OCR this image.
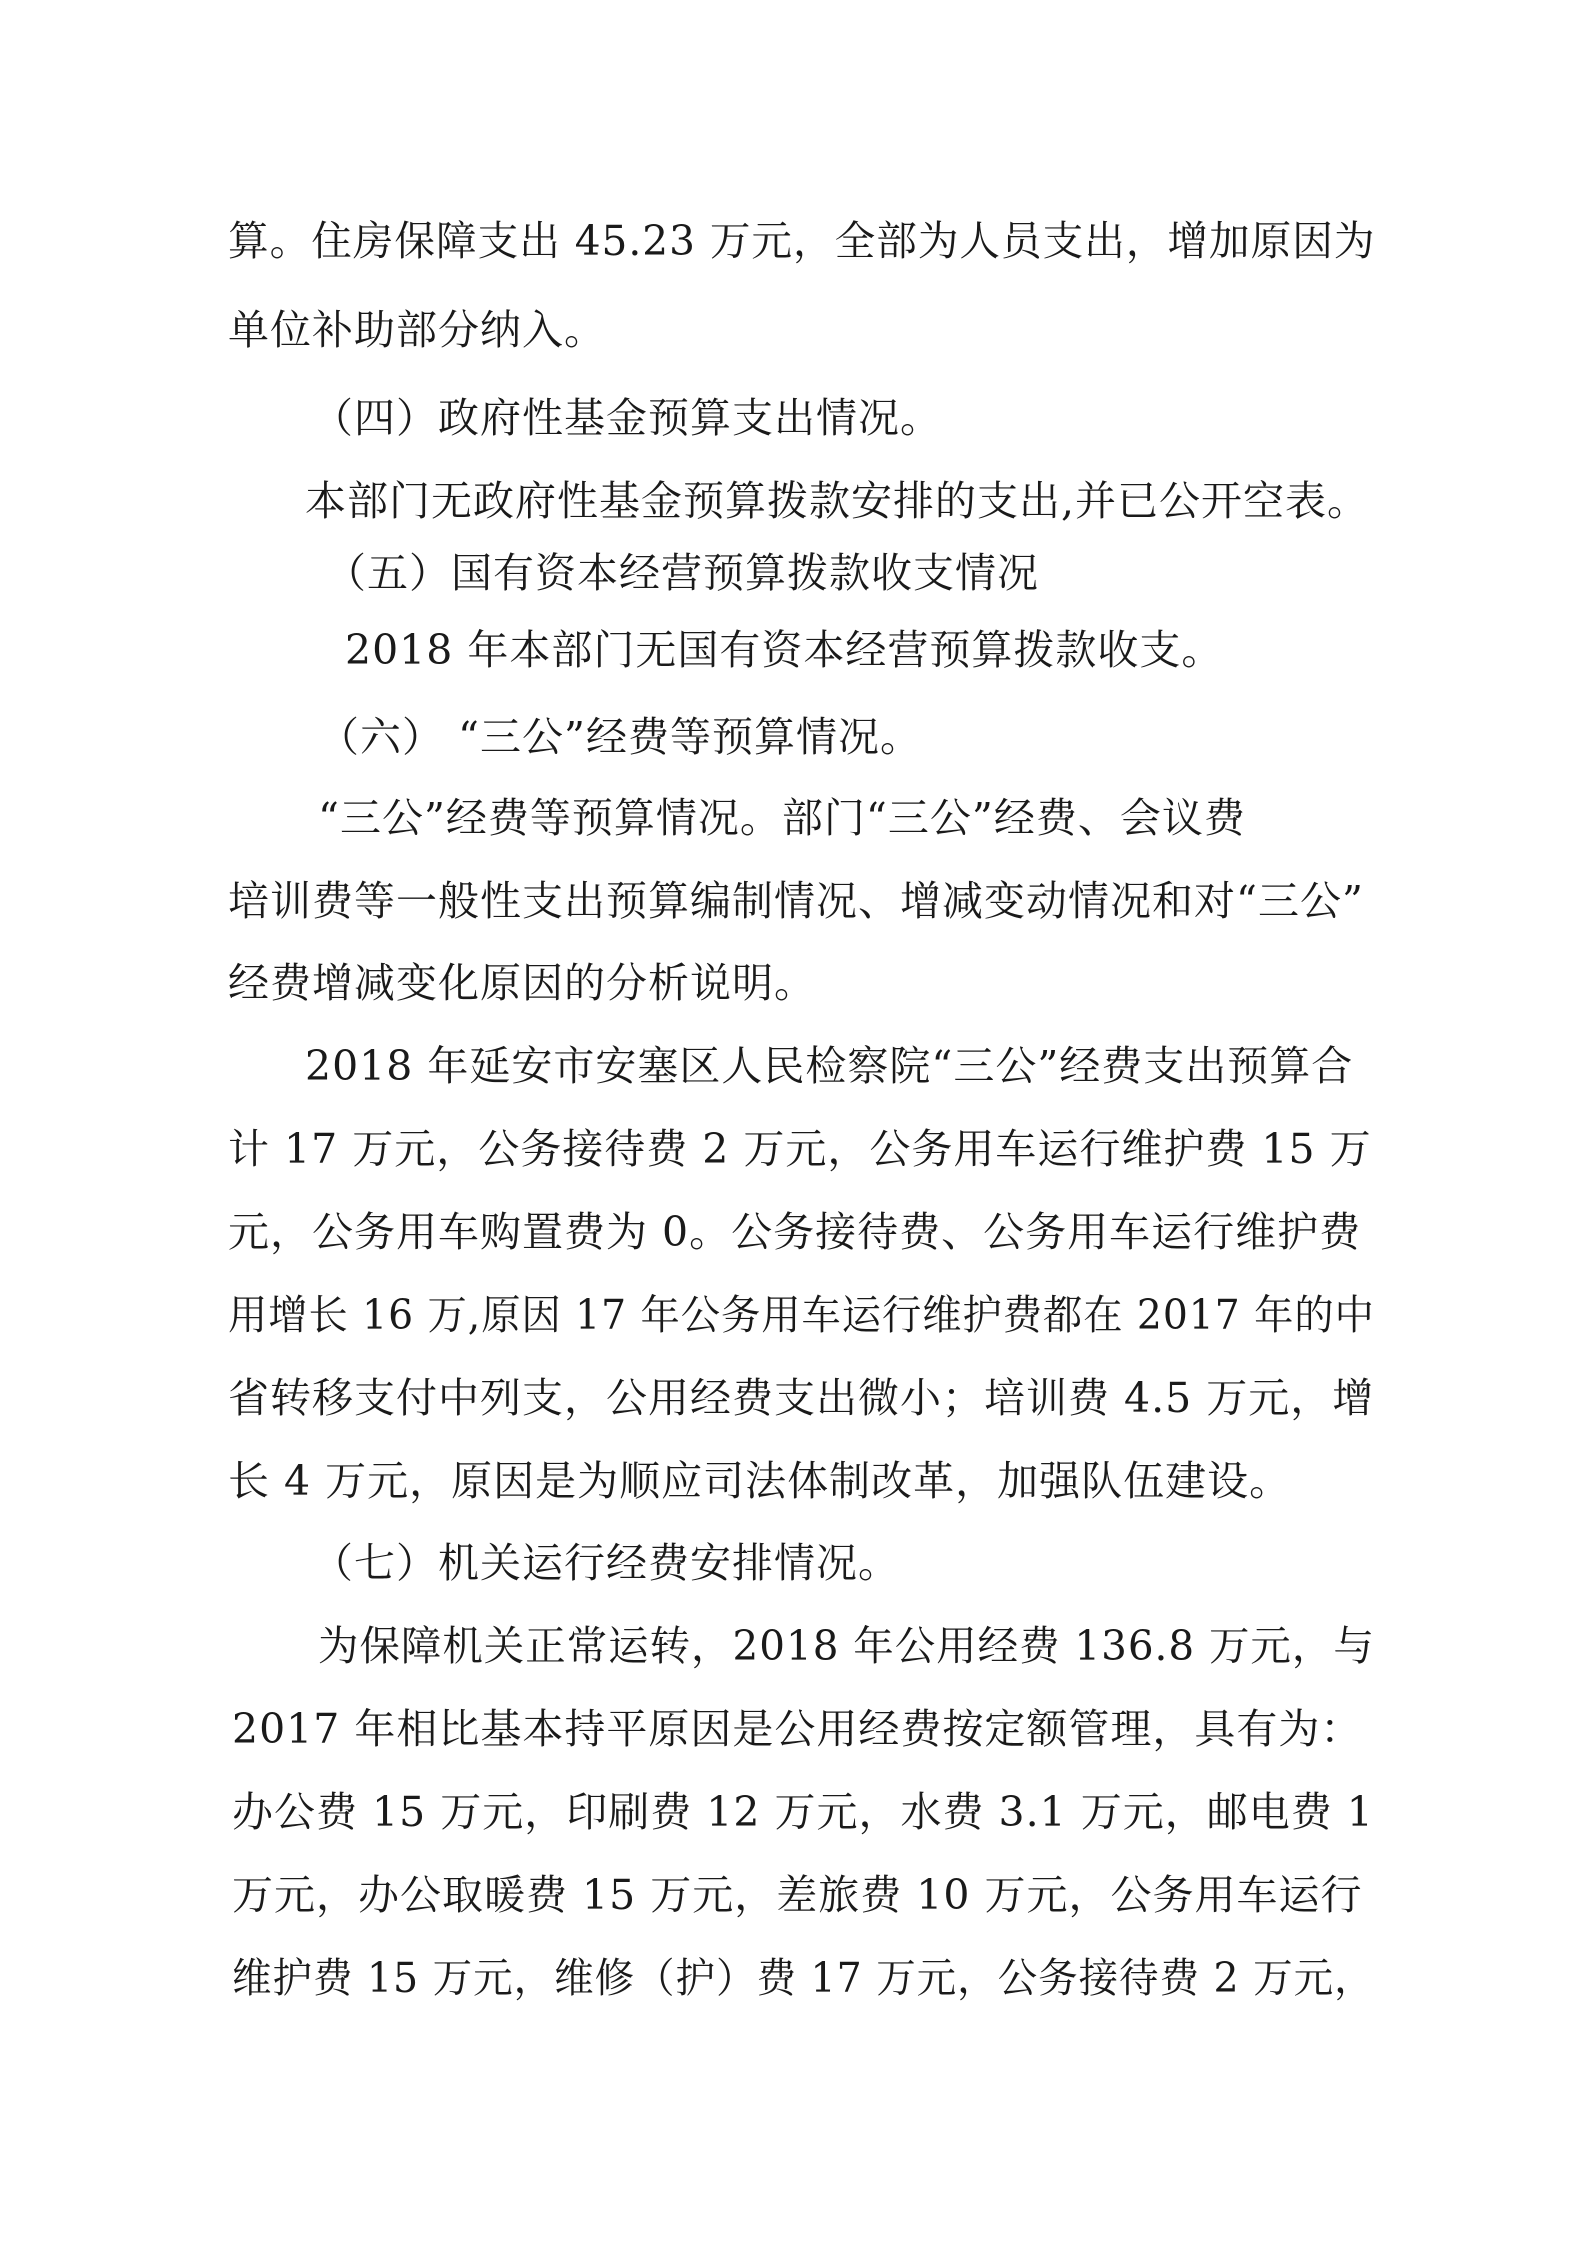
算。住房保障支出 45.23 万元，全部为人员支出，增加原因为
单位补助部分纳入。
（四）政府性基金预算支出情况。
本部门无政府性基金预算拨款安排的支出,并已公开空表。
（五）国有资本经营预算拨款收支情况
2018 年本部门无国有资本经营预算拨款收支。
（六） “三公”经费等预算情况。
“三公”经费等预算情况。部门“三公”经费、会议费
培训费等一般性支出预算编制情况、增减变动情况和对“三公”
经费增减变化原因的分析说明。
2018 年延安市安塞区人民检察院“三公”经费支出预算合
计 17 万元，公务接待费 2 万元，公务用车运行维护费 15 万
元，公务用车购置费为 0。公务接待费、公务用车运行维护费
用增长 16 万,原因 17 年公务用车运行维护费都在 2017 年的中
省转移支付中列支，公用经费支出微小；培训费 4.5 万元，增
长 4 万元，原因是为顺应司法体制改革，加强队伍建设。
（七）机关运行经费安排情况。
为保障机关正常运转，2018 年公用经费 136.8 万元，与
2017 年相比基本持平原因是公用经费按定额管理，具有为：
办公费 15 万元，印刷费 12 万元，水费 3.1 万元，邮电费 1
万元，办公取暖费 15 万元，差旅费 10 万元，公务用车运行
维护费 15 万元，维修（护）费 17 万元，公务接待费 2 万元，
